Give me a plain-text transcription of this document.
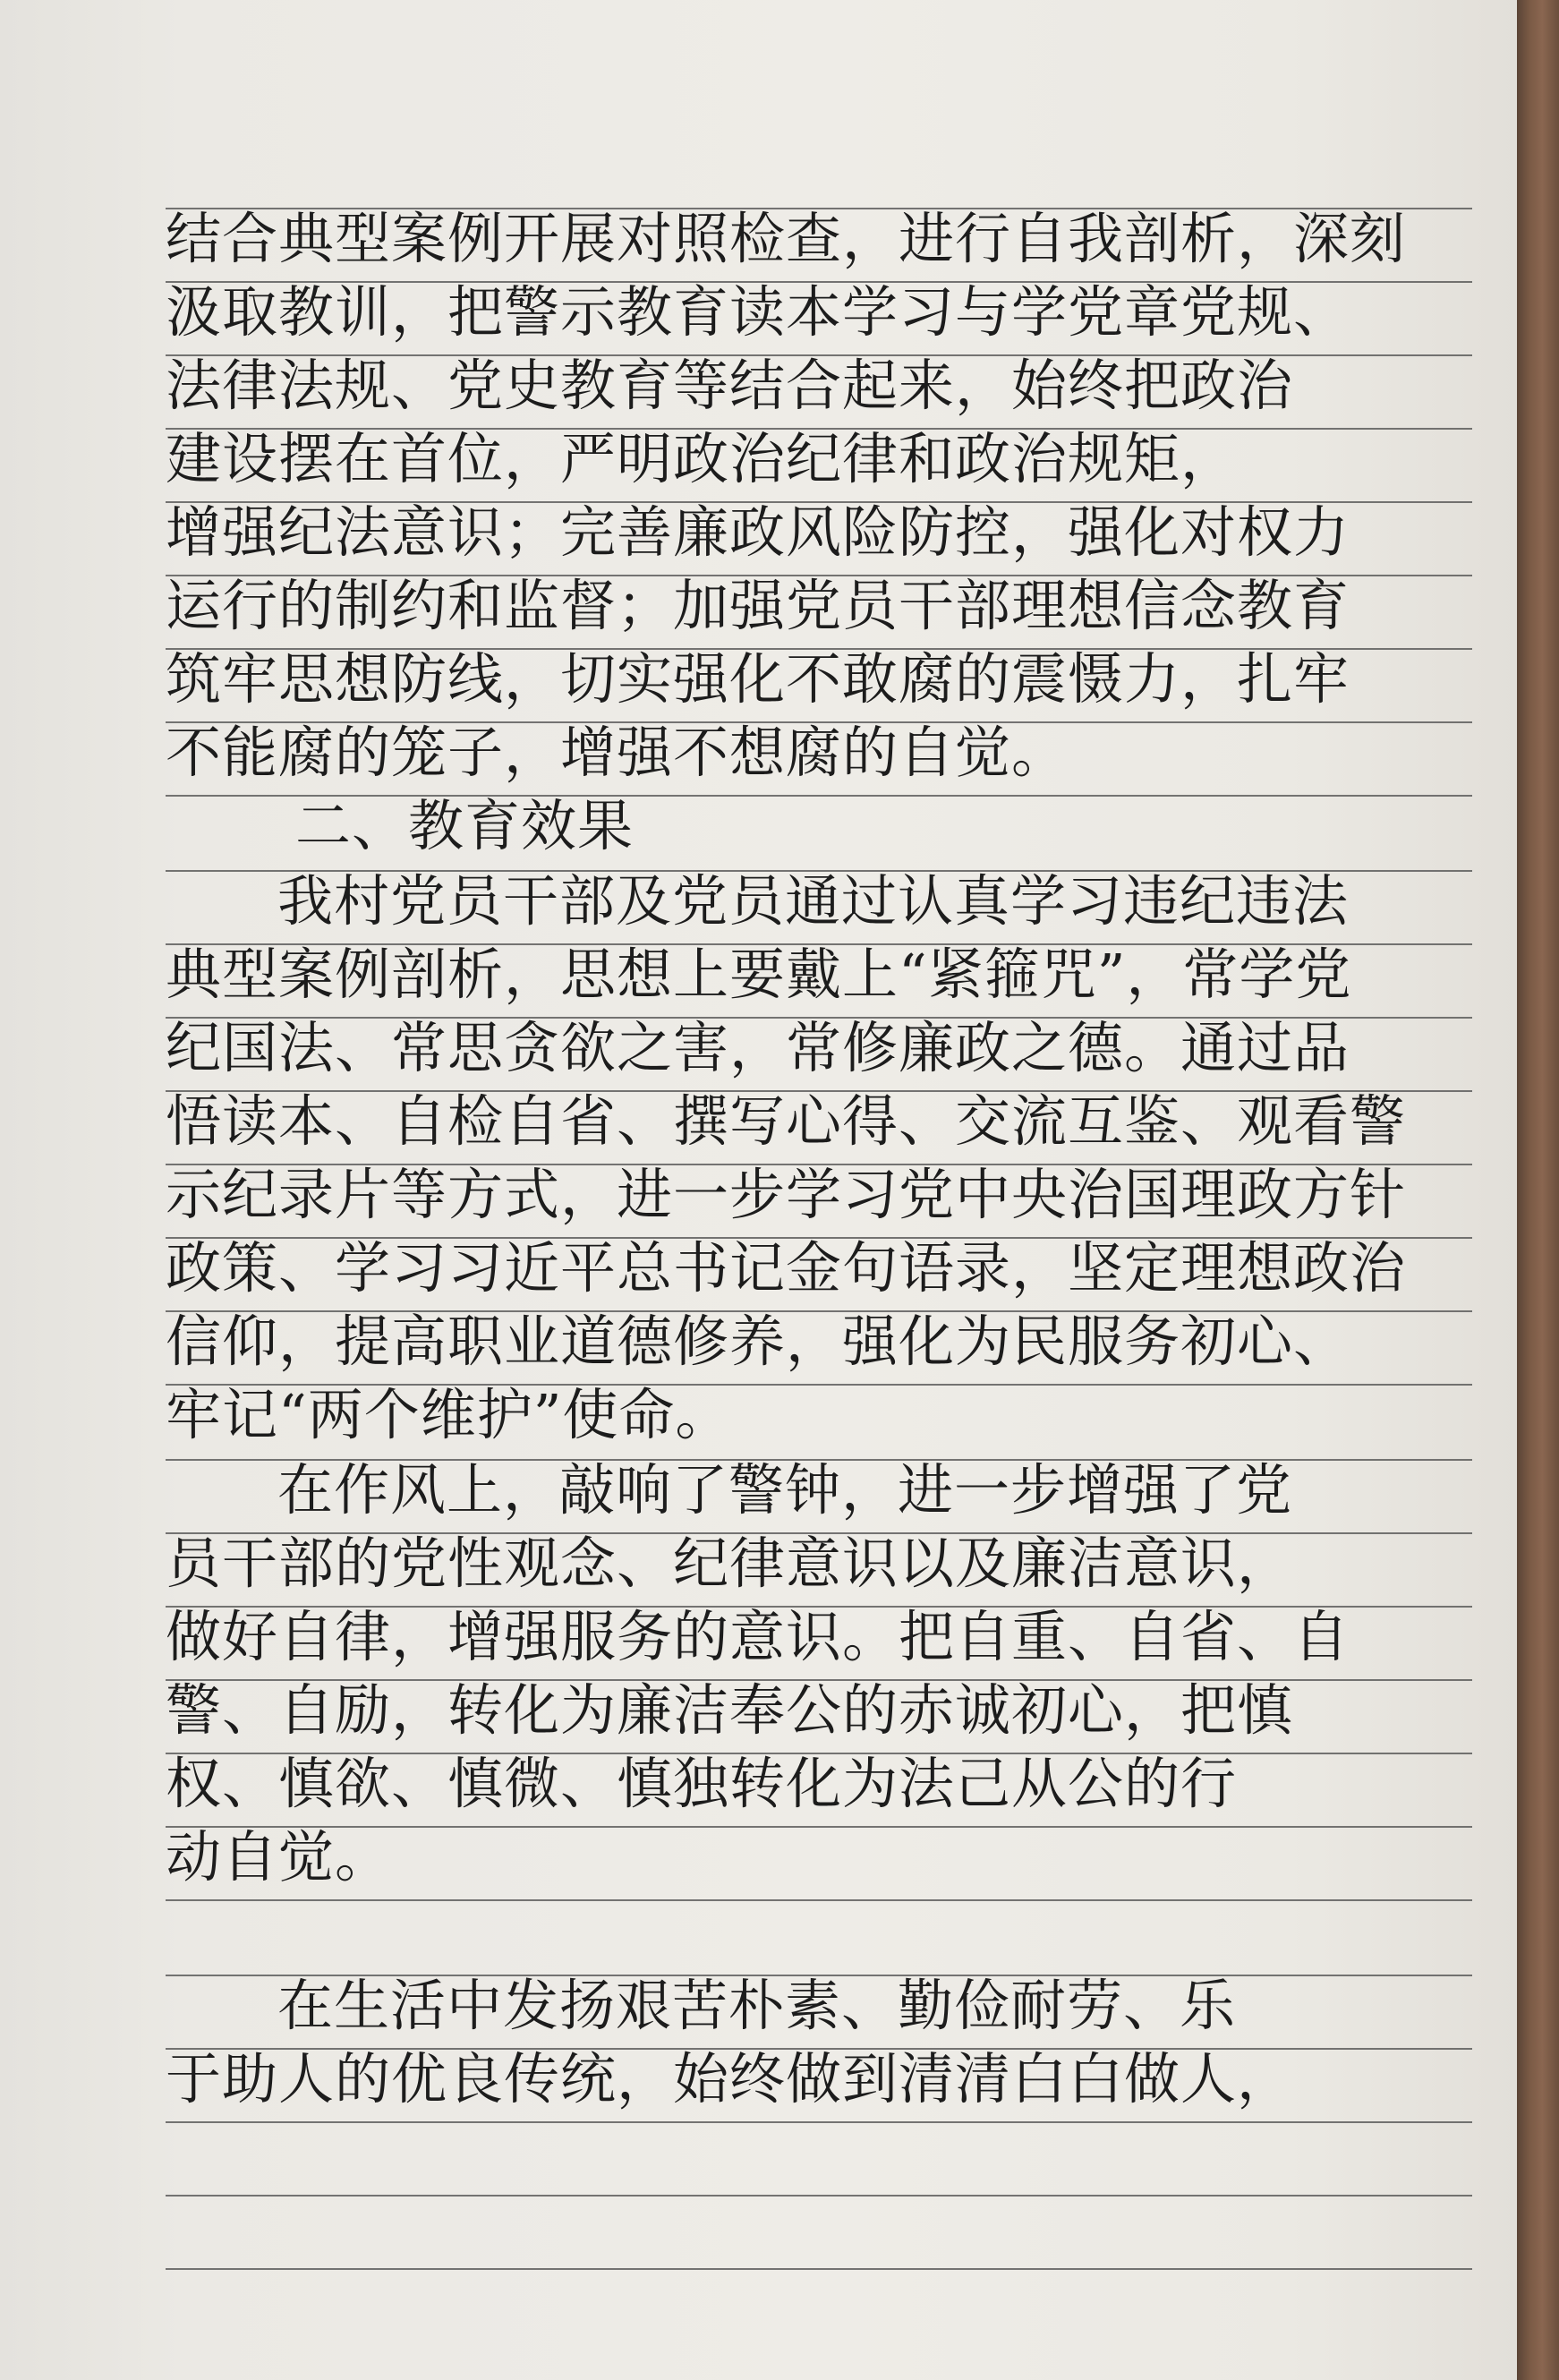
结合典型案例开展对照检查，进行自我剖析，深刻
汲取教训，把警示教育读本学习与学党章党规、
法律法规、党史教育等结合起来，始终把政治
建设摆在首位，严明政治纪律和政治规矩，
增强纪法意识；完善廉政风险防控，强化对权力
运行的制约和监督；加强党员干部理想信念教育
筑牢思想防线，切实强化不敢腐的震慑力，扎牢
不能腐的笼子，增强不想腐的自觉。
二、教育效果
我村党员干部及党员通过认真学习违纪违法
典型案例剖析，思想上要戴上“紧箍咒”，常学党
纪国法、常思贪欲之害，常修廉政之德。通过品
悟读本、自检自省、撰写心得、交流互鉴、观看警
示纪录片等方式，进一步学习党中央治国理政方针
政策、学习习近平总书记金句语录，坚定理想政治
信仰，提高职业道德修养，强化为民服务初心、
牢记“两个维护”使命。
在作风上，敲响了警钟，进一步增强了党
员干部的党性观念、纪律意识以及廉洁意识，
做好自律，增强服务的意识。把自重、自省、自
警、自励，转化为廉洁奉公的赤诚初心，把慎
权、慎欲、慎微、慎独转化为法己从公的行
动自觉。
在生活中发扬艰苦朴素、勤俭耐劳、乐
于助人的优良传统，始终做到清清白白做人，
